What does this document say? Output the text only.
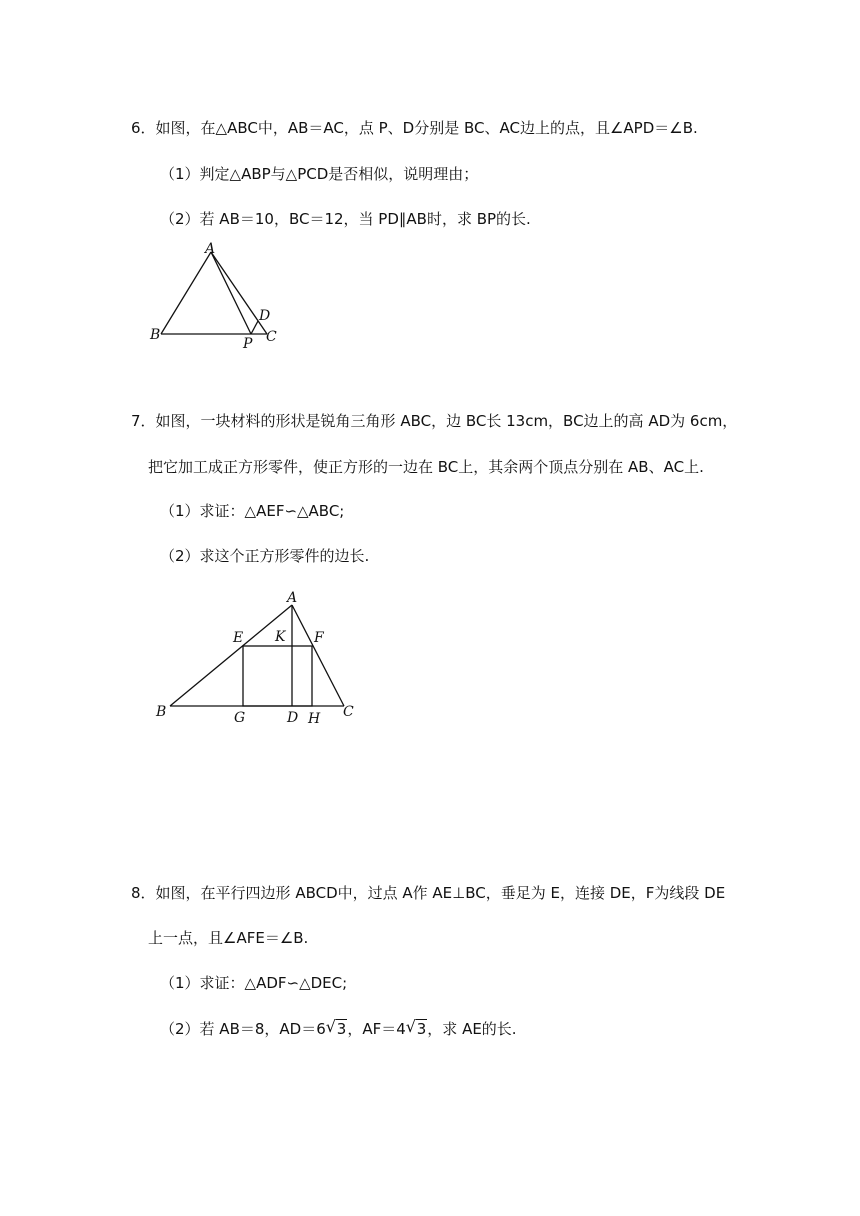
6．如图，在△ABC中，AB＝AC，点 P、D分别是 BC、AC边上的点，且∠APD＝∠B.
（1）判定△ABP与△PCD是否相似，说明理由；
（2）若 AB＝10，BC＝12，当 PD∥AB时，求 BP的长.
A
B	C
D
P
7．如图，一块材料的形状是锐角三角形 ABC，边 BC长 13cm，BC边上的高 AD为 6cm，
把它加工成正方形零件，使正方形的一边在 BC上，其余两个顶点分别在 AB、AC上.
（1）求证：△AEF∽△ABC;
（2）求这个正方形零件的边长.
A
B	C
D
E	F
G	H
K
8．如图，在平行四边形 ABCD中，过点 A作 AE⊥BC，垂足为 E，连接 DE，F为线段 DE
上一点，且∠AFE＝∠B.
（1）求证：△ADF∽△DEC;
（2）若 AB＝8，AD＝6 √ 3，AF＝4 √ 3，求 AE的长.
